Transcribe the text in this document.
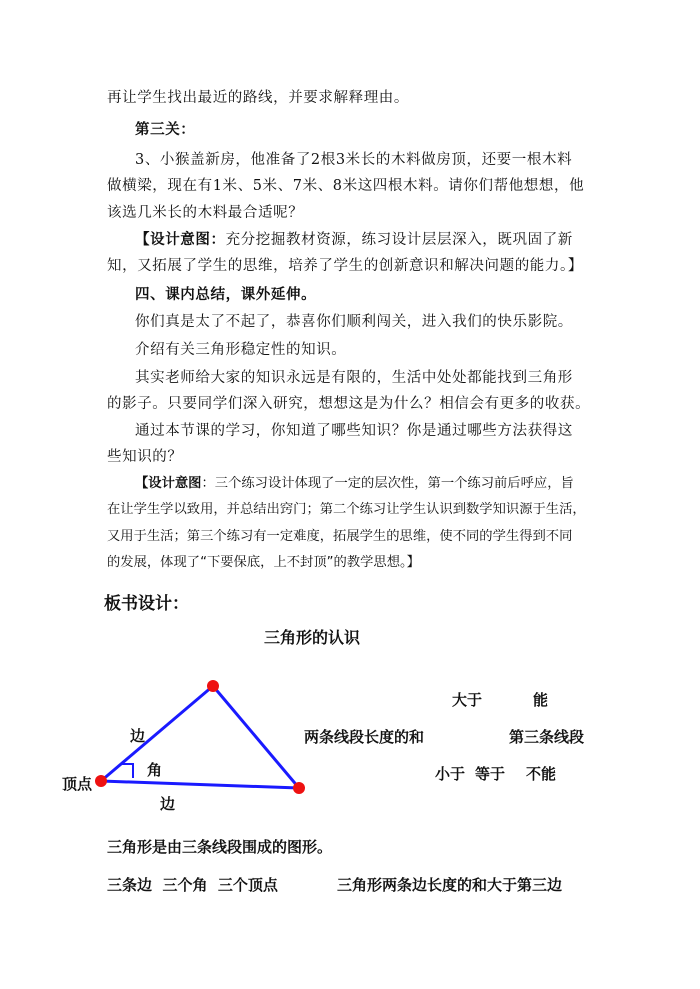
再让学生找出最近的路线，并要求解释理由。
第三关：
3、小猴盖新房，他准备了2根3米长的木料做房顶，还要一根木料
做横梁，现在有1米、5米、7米、8米这四根木料。请你们帮他想想，他
该选几米长的木料最合适呢？
【设计意图：充分挖掘教材资源，练习设计层层深入，既巩固了新
知，又拓展了学生的思维，培养了学生的创新意识和解决问题的能力。】
四、课内总结，课外延伸。
你们真是太了不起了，恭喜你们顺利闯关，进入我们的快乐影院。
介绍有关三角形稳定性的知识。
其实老师给大家的知识永远是有限的，生活中处处都能找到三角形
的影子。只要同学们深入研究，想想这是为什么？相信会有更多的收获。
通过本节课的学习，你知道了哪些知识？你是通过哪些方法获得这
些知识的？
【设计意图：三个练习设计体现了一定的层次性，第一个练习前后呼应，旨
在让学生学以致用，并总结出窍门；第二个练习让学生认识到数学知识源于生活，
又用于生活；第三个练习有一定难度，拓展学生的思维，使不同的学生得到不同
的发展，体现了“下要保底，上不封顶”的教学思想。】
板书设计：
三角形的认识
边
角
顶点
边
两条线段长度的和
大于	能
第三条线段
小于 等于 不能
三角形是由三条线段围成的图形。
三条边  三个角  三个顶点	三角形两条边长度的和大于第三边
